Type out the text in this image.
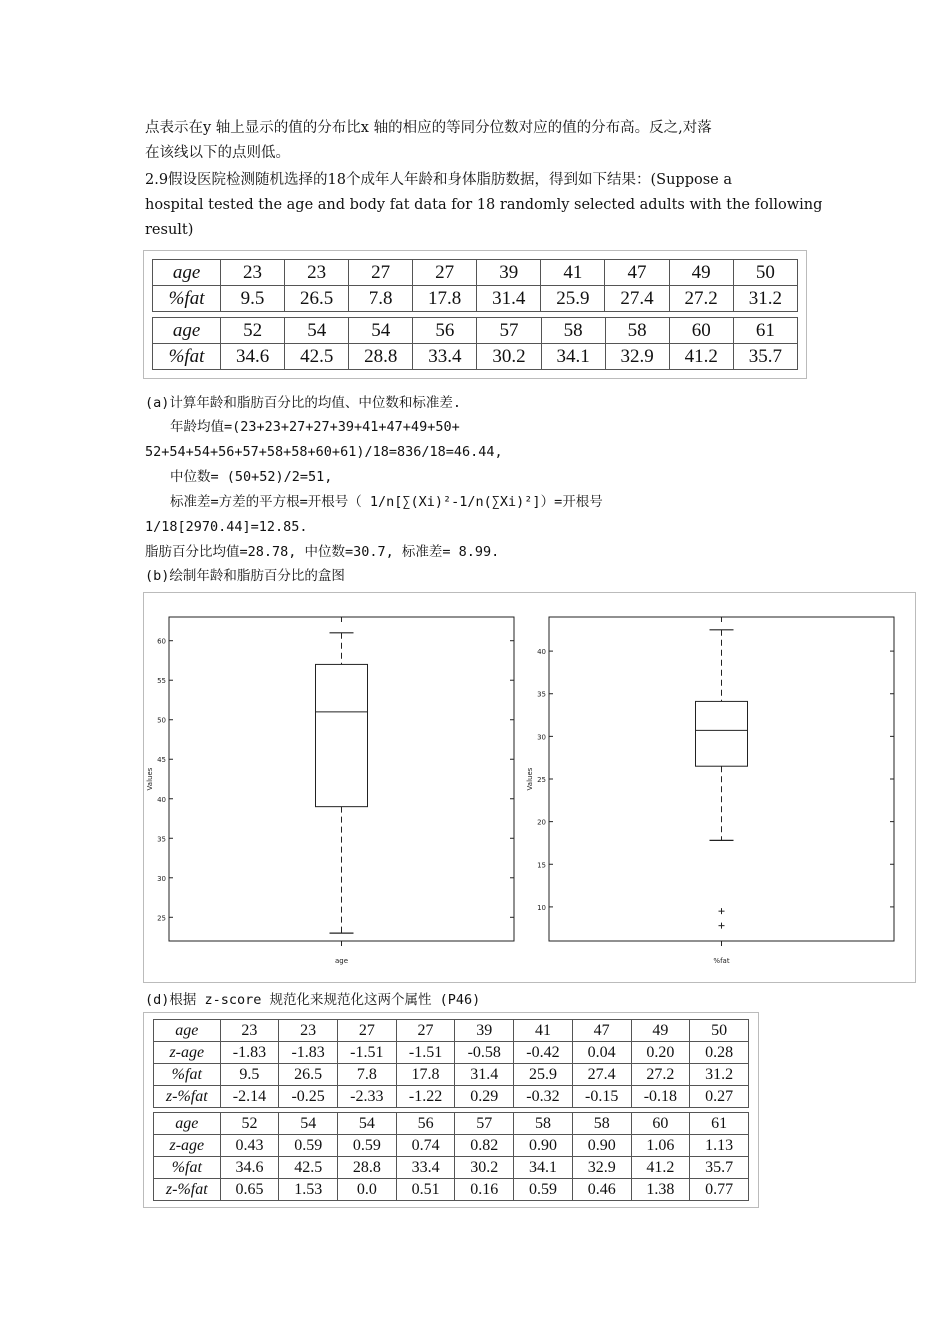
点表示在y 轴上显示的值的分布比x 轴的相应的等同分位数对应的值的分布高。反之,对落
在该线以下的点则低。
2.9假设医院检测随机选择的18个成年人年龄和身体脂肪数据，得到如下结果：(Suppose a
hospital tested the age and body fat data for 18 randomly selected adults with the following
result)
age	23	23	27	27	39	41	47	49	50
%fat	9.5	26.5	7.8	17.8	31.4	25.9	27.4	27.2	31.2
age	52	54	54	56	57	58	58	60	61
%fat	34.6	42.5	28.8	33.4	30.2	34.1	32.9	41.2	35.7
(a)计算年龄和脂肪百分比的均值、中位数和标准差.
年龄均值=(23+23+27+27+39+41+47+49+50+
52+54+54+56+57+58+58+60+61)/18=836/18=46.44,
中位数= (50+52)/2=51,
标准差=方差的平方根=开根号（ 1/n[∑(Xi)²-1/n(∑Xi)²]）=开根号
1/18[2970.44]=12.85.
脂肪百分比均值=28.78, 中位数=30.7, 标准差= 8.99.
(b)绘制年龄和脂肪百分比的盒图
25
30
35
40
45
50
55
60
age
Values
10
15
20
25
30
35
40
%fat
Values
(d)根据 z-score 规范化来规范化这两个属性 (P46)
age	23	23	27	27	39	41	47	49	50
z-age	-1.83	-1.83	-1.51	-1.51	-0.58	-0.42	0.04	0.20	0.28
%fat	9.5	26.5	7.8	17.8	31.4	25.9	27.4	27.2	31.2
z-%fat	-2.14	-0.25	-2.33	-1.22	0.29	-0.32	-0.15	-0.18	0.27
age	52	54	54	56	57	58	58	60	61
z-age	0.43	0.59	0.59	0.74	0.82	0.90	0.90	1.06	1.13
%fat	34.6	42.5	28.8	33.4	30.2	34.1	32.9	41.2	35.7
z-%fat	0.65	1.53	0.0	0.51	0.16	0.59	0.46	1.38	0.77
